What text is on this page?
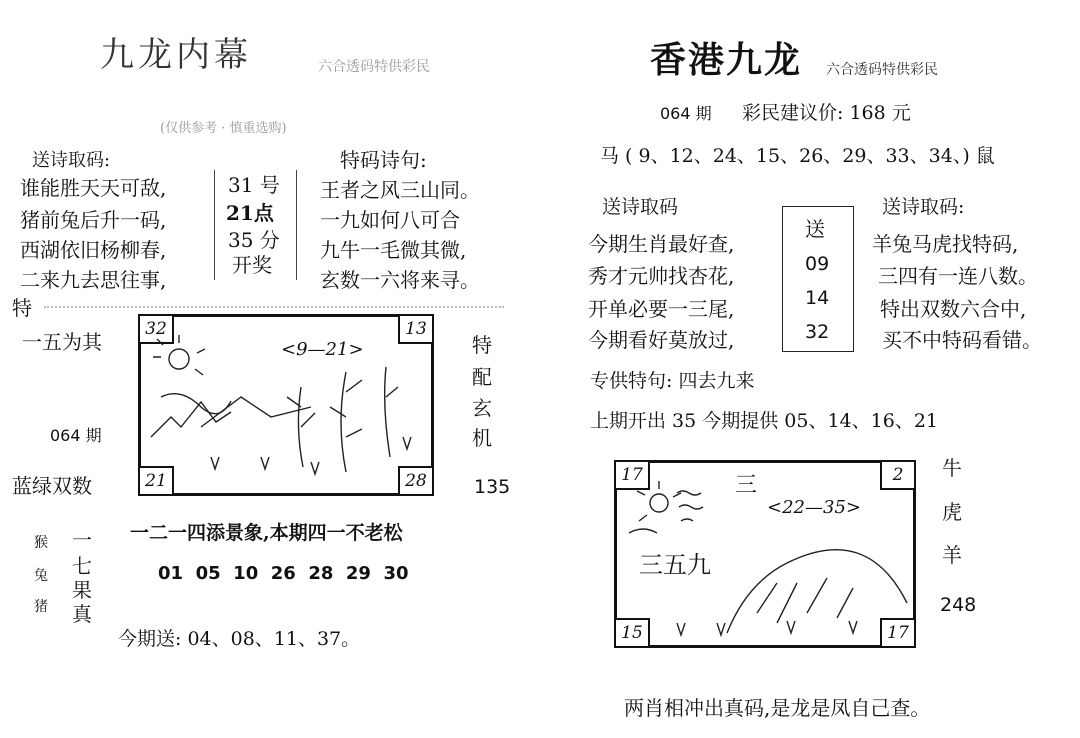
九龙内幕	六合透码特供彩民
(仅供参考 · 慎重选购)
送诗取码:	特码诗句:
谁能胜天天可敌,
猪前兔后升一码,
西湖依旧杨柳春,
二来九去思往事,
31 号
21点
35 分
开奖
王者之风三山同。
一九如何八可合
九牛一毛微其微,
玄数一六将来寻。
特
一五为其
064 期
蓝绿双数
32	13
21	28
<9—21>	特
配
玄
机
135
一二一四添景象,本期四一不老松
01  05  10  26  28  29  30
猴
兔
猪
一
七
果
真
今期送: 04、08、11、37。
香港九龙 六合透码特供彩民
064 期 彩民建议价: 168 元
马 ( 9、12、24、15、26、29、33、34、) 鼠
送诗取码	送诗取码:
今期生肖最好查,
秀才元帅找杏花,
开单必要一三尾,
今期看好莫放过,
送
09
14
32
羊兔马虎找特码,
三四有一连八数。
特出双数六合中,
买不中特码看错。
专供特句: 四去九来
上期开出 35 今期提供 05、14、16、21
17	2
15	17
三
<22—35>
三五九
牛
虎
羊
248
两肖相冲出真码,是龙是凤自己查。
